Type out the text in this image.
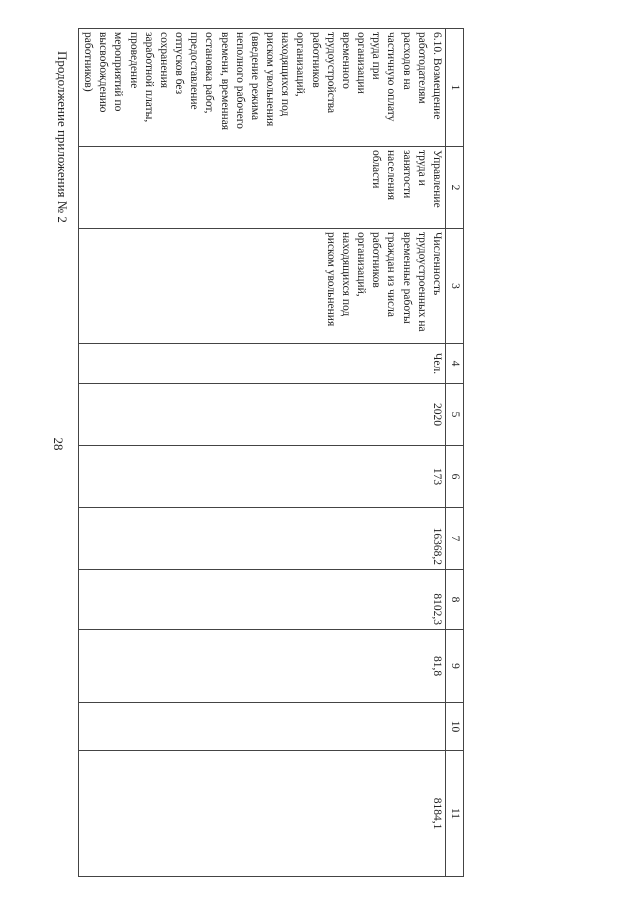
28
Продолжение приложения № 2	1	2	3	4	5	6	7	8	9	10	11
6.10. Возмещение работодателям расходов на частичную оплату труда при организации временного трудоустройства работников организаций, находящихся под риском увольнения (введение режима неполного рабочего времени, временная остановка работ, предоставление отпусков без сохранения заработной платы, проведение мероприятий по высвобождению работников)	Управление труда и занятости населения области	Численность трудоустроенных на временные работы граждан из числа работников организаций, находящихся под риском увольнения	Чел.	2020	173	16368,2	8102,3	81,8		8184,1
